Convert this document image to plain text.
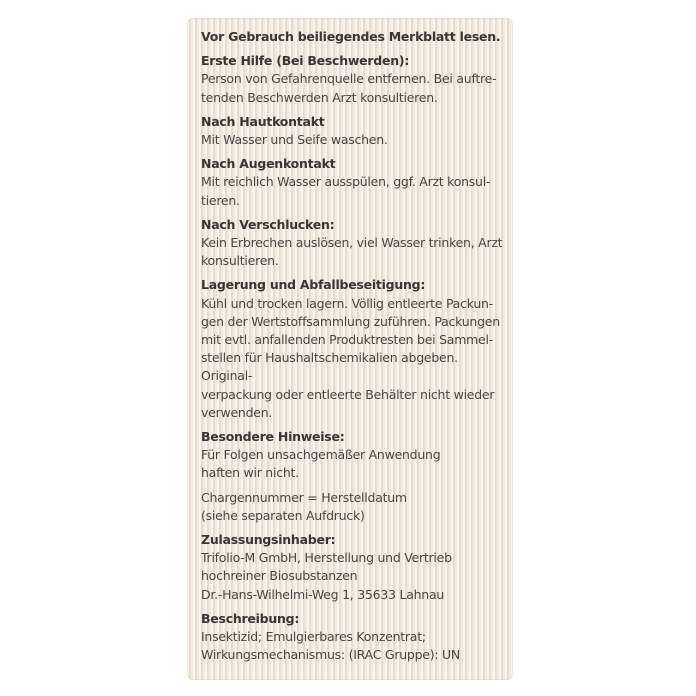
Vor Gebrauch beiliegendes Merkblatt lesen.

Erste Hilfe (Bei Beschwerden):

Person von Gefahrenquelle entfernen. Bei auftre-
tenden Beschwerden Arzt konsultieren.

Nach Hautkontakt

Mit Wasser und Seife waschen.

Nach Augenkontakt

Mit reichlich Wasser ausspülen, ggf. Arzt konsul-
tieren.

Nach Verschlucken:

Kein Erbrechen auslösen, viel Wasser trinken, Arzt
konsultieren.

Lagerung und Abfallbeseitigung:

Kühl und trocken lagern. Völlig entleerte Packun-
gen der Wertstoffsammlung zuführen. Packungen
mit evtl. anfallenden Produktresten bei Sammel-
stellen für Haushaltschemikalien abgeben. Original-
verpackung oder entleerte Behälter nicht wieder
verwenden.

Besondere Hinweise:

Für Folgen unsachgemäßer Anwendung
haften wir nicht.
Chargennummer = Herstelldatum
(siehe separaten Aufdruck)

Zulassungsinhaber:

Trifolio-M GmbH, Herstellung und Vertrieb
hochreiner Biosubstanzen
Dr.-Hans-Wilhelmi-Weg 1, 35633 Lahnau

Beschreibung:

Insektizid; Emulgierbares Konzentrat;
Wirkungsmechanismus: (IRAC Gruppe): UN
